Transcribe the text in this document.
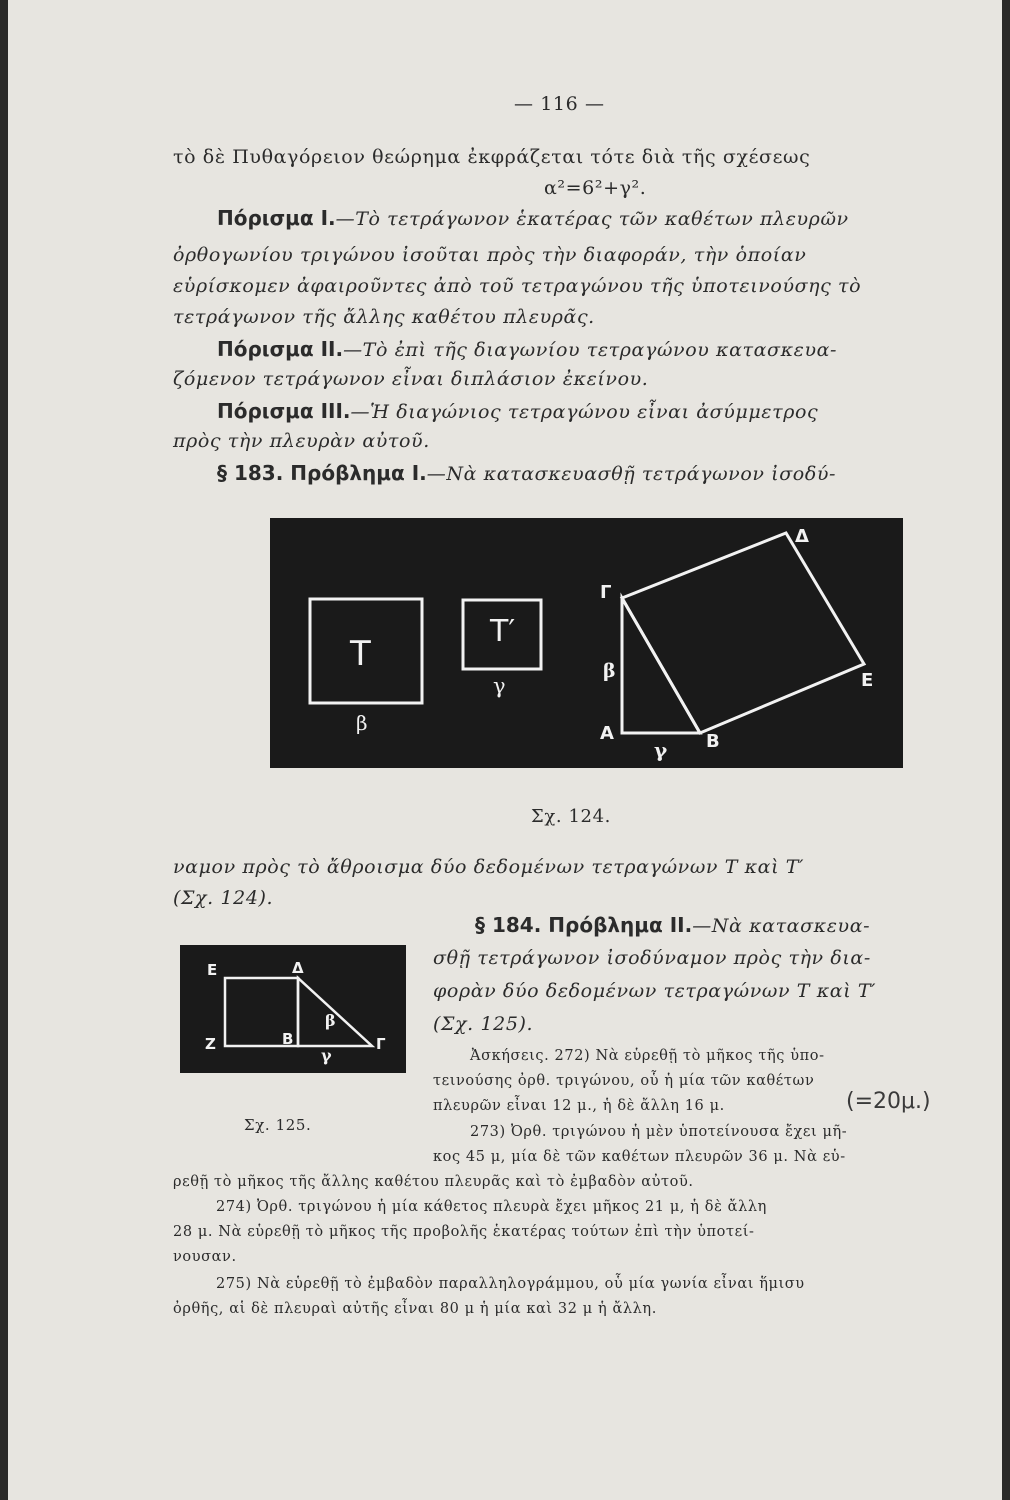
— 116 —
τὸ δὲ Πυθαγόρειον θεώρημα ἐκφράζεται τότε διὰ τῆς σχέσεως
α²=6²+γ².
Πόρισμα I.—Τὸ τετράγωνον ἑκατέρας τῶν καθέτων πλευρῶν
ὀρθογωνίου τριγώνου ἰσοῦται πρὸς τὴν διαφοράν, τὴν ὁποίαν
εὑρίσκομεν ἀφαιροῦντες ἀπὸ τοῦ τετραγώνου τῆς ὑποτεινούσης τὸ
τετράγωνον τῆς ἄλλης καθέτου πλευρᾶς.
Πόρισμα II.—Τὸ ἐπὶ τῆς διαγωνίου τετραγώνου κατασκευα-
ζόμενον τετράγωνον εἶναι διπλάσιον ἐκείνου.
Πόρισμα III.—Ἡ διαγώνιος τετραγώνου εἶναι ἀσύμμετρος
πρὸς τὴν πλευρὰν αὐτοῦ.
§ 183. Πρόβλημα I.—Νὰ κατασκευασθῇ τετράγωνον ἰσοδύ-
Τ
β
Τ′
γ
Γ
Δ
Ε
Α	Β
β
γ
Σχ. 124.
ναμον πρὸς τὸ ἄθροισμα δύο δεδομένων τετραγώνων Τ καὶ Τ′
(Σχ. 124).
§ 184. Πρόβλημα II.—Νὰ κατασκευα-
σθῇ τετράγωνον ἰσοδύναμον πρὸς τὴν δια-
φορὰν δύο δεδομένων τετραγώνων Τ καὶ Τ′
(Σχ. 125).
Ε	Δ
Ζ	Β	Γ
β
γ
Σχ. 125.
Ἀσκήσεις. 272) Νὰ εὑρεθῇ τὸ μῆκος τῆς ὑπο-
τεινούσης ὀρθ. τριγώνου, οὗ ἡ μία τῶν καθέτων
πλευρῶν εἶναι 12 μ., ἡ δὲ ἄλλη 16 μ.	(=20μ.)
273) Ὀρθ. τριγώνου ἡ μὲν ὑποτείνουσα ἔχει μῆ-
κος 45 μ, μία δὲ τῶν καθέτων πλευρῶν 36 μ. Νὰ εὑ-
ρεθῇ τὸ μῆκος τῆς ἄλλης καθέτου πλευρᾶς καὶ τὸ ἐμβαδὸν αὐτοῦ.
274) Ὀρθ. τριγώνου ἡ μία κάθετος πλευρὰ ἔχει μῆκος 21 μ, ἡ δὲ ἄλλη
28 μ. Νὰ εὑρεθῇ τὸ μῆκος τῆς προβολῆς ἑκατέρας τούτων ἐπὶ τὴν ὑποτεί-
νουσαν.
275) Νὰ εὑρεθῇ τὸ ἐμβαδὸν παραλληλογράμμου, οὗ μία γωνία εἶναι ἥμισυ
ὀρθῆς, αἱ δὲ πλευραὶ αὐτῆς εἶναι 80 μ ἡ μία καὶ 32 μ ἡ ἄλλη.
